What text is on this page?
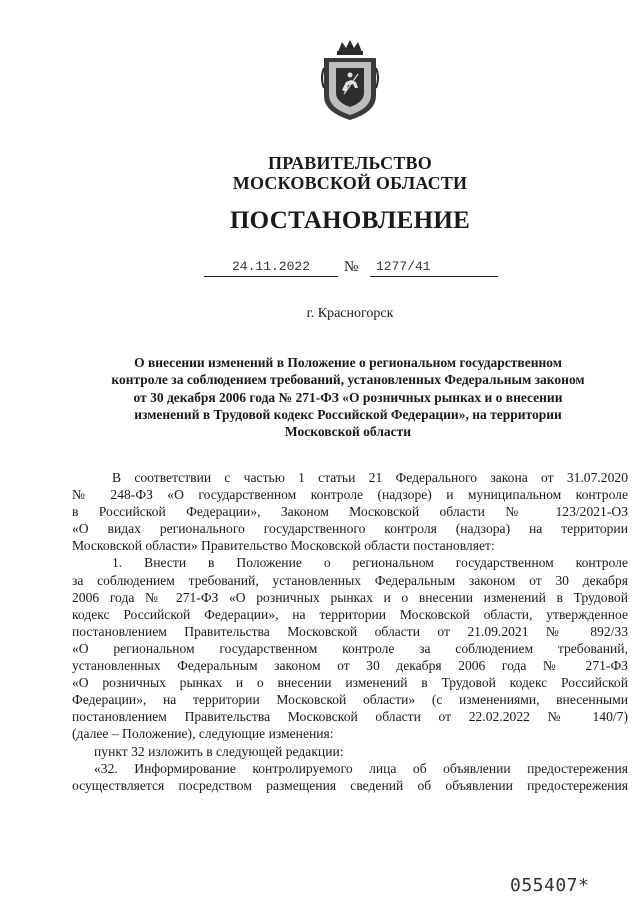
ПРАВИТЕЛЬСТВО
МОСКОВСКОЙ ОБЛАСТИ
ПОСТАНОВЛЕНИЕ
24.11.2022	№	1277/41
г. Красногорск
О внесении изменений в Положение о региональном государственном
контроле за соблюдением требований, установленных Федеральным законом
от 30 декабря 2006 года № 271-ФЗ «О розничных рынках и о внесении
изменений в Трудовой кодекс Российской Федерации», на территории
Московской области
В соответствии с частью 1 статьи 21 Федерального закона от 31.07.2020
№ 248-ФЗ «О государственном контроле (надзоре) и муниципальном контроле
в Российской Федерации», Законом Московской области № 123/2021-ОЗ
«О видах регионального государственного контроля (надзора) на территории
Московской области» Правительство Московской области постановляет:
1. Внести в Положение о региональном государственном контроле
за соблюдением требований, установленных Федеральным законом от 30 декабря
2006 года № 271-ФЗ «О розничных рынках и о внесении изменений в Трудовой
кодекс Российской Федерации», на территории Московской области, утвержденное
постановлением Правительства Московской области от 21.09.2021 № 892/33
«О региональном государственном контроле за соблюдением требований,
установленных Федеральным законом от 30 декабря 2006 года № 271-ФЗ
«О розничных рынках и о внесении изменений в Трудовой кодекс Российской
Федерации», на территории Московской области» (с изменениями, внесенными
постановлением Правительства Московской области от 22.02.2022 № 140/7)
(далее – Положение), следующие изменения:
пункт 32 изложить в следующей редакции:
«32. Информирование контролируемого лица об объявлении предостережения
осуществляется посредством размещения сведений об объявлении предостережения
055407*
